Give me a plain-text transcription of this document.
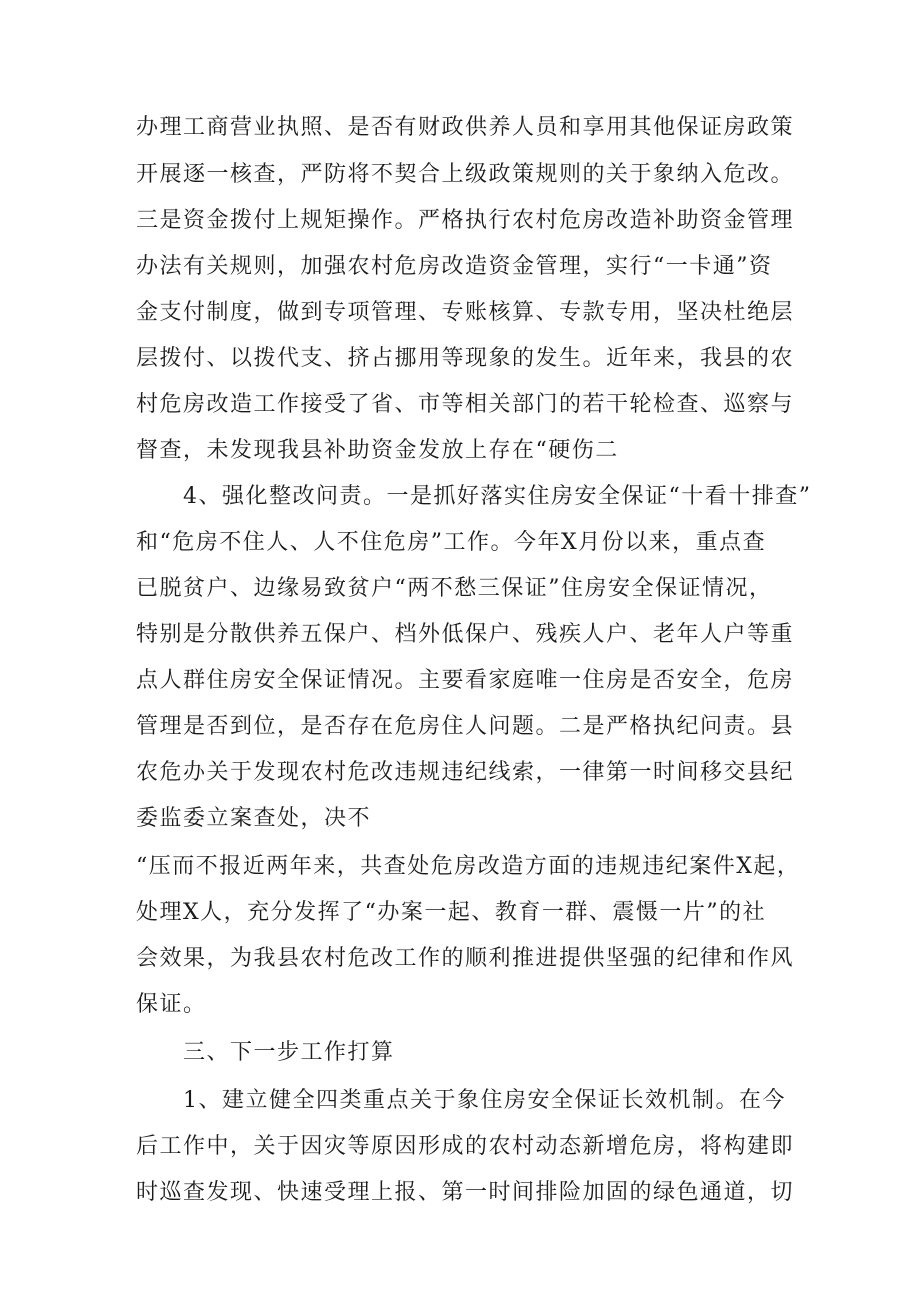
办理工商营业执照、是否有财政供养人员和享用其他保证房政策
开展逐一核查，严防将不契合上级政策规则的关于象纳入危改。
三是资金拨付上规矩操作。严格执行农村危房改造补助资金管理
办法有关规则，加强农村危房改造资金管理，实行“一卡通”资
金支付制度，做到专项管理、专账核算、专款专用，坚决杜绝层
层拨付、以拨代支、挤占挪用等现象的发生。近年来，我县的农
村危房改造工作接受了省、市等相关部门的若干轮检查、巡察与
督查，未发现我县补助资金发放上存在“硬伤二
4、强化整改问责。一是抓好落实住房安全保证“十看十排查”
和“危房不住人、人不住危房”工作。今年X月份以来，重点查
已脱贫户、边缘易致贫户“两不愁三保证”住房安全保证情况，
特别是分散供养五保户、档外低保户、残疾人户、老年人户等重
点人群住房安全保证情况。主要看家庭唯一住房是否安全，危房
管理是否到位，是否存在危房住人问题。二是严格执纪问责。县
农危办关于发现农村危改违规违纪线索，一律第一时间移交县纪
委监委立案查处，决不
“压而不报近两年来，共查处危房改造方面的违规违纪案件X起，
处理X人，充分发挥了“办案一起、教育一群、震慑一片”的社
会效果，为我县农村危改工作的顺利推进提供坚强的纪律和作风
保证。
三、下一步工作打算
1、建立健全四类重点关于象住房安全保证长效机制。在今
后工作中，关于因灾等原因形成的农村动态新增危房，将构建即
时巡查发现、快速受理上报、第一时间排险加固的绿色通道，切
